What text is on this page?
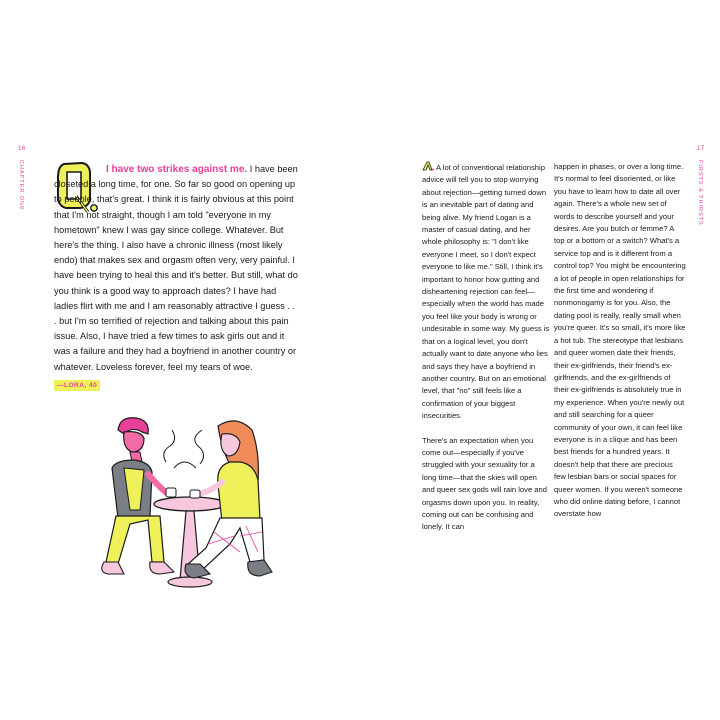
16
CHAPTER ONE	I have two strikes against me. I have been closeted a long time, for one. So far so good on opening up to people, that's great. I think it is fairly obvious at this point that I'm not straight, though I am told "everyone in my hometown" knew I was gay since college. Whatever. But here's the thing. I also have a chronic illness (most likely endo) that makes sex and orgasm often very, very painful. I have been trying to heal this and it's better. But still, what do you think is a good way to approach dates? I have had ladies flirt with me and I am reasonably attractive I guess . . . but I'm so terrified of rejection and talking about this pain issue. Also, I have tried a few times to ask girls out and it was a failure and they had a boyfriend in another country or whatever. Loveless forever, feel my tears of woe.
—LORA, 40
17
FIRSTS & THIRSTS

A lot of conventional relationship advice will tell you to stop worrying about rejection—getting turned down is an inevitable part of dating and being alive. My friend Logan is a master of casual dating, and her whole philosophy is: "I don't like everyone I meet, so I don't expect everyone to like me." Still, I think it's important to honor how gutting and disheartening rejection can feel—especially when the world has made you feel like your body is wrong or undesirable in some way. My guess is that on a logical level, you don't actually want to date anyone who lies and says they have a boyfriend in another country. But on an emotional level, that "no" still feels like a confirmation of your biggest insecurities.

There's an expectation when you come out—especially if you've struggled with your sexuality for a long time—that the skies will open and queer sex gods will rain love and orgasms down upon you. In reality, coming out can be confusing and lonely. It can

happen in phases, or over a long time. It's normal to feel disoriented, or like you have to learn how to date all over again. There's a whole new set of words to describe yourself and your desires. Are you butch or femme? A top or a bottom or a switch? What's a service top and is it different from a control top? You might be encountering a lot of people in open relationships for the first time and wondering if nonmonogamy is for you. Also, the dating pool is really, really small when you're queer. It's so small, it's more like a hot tub. The stereotype that lesbians and queer women date their friends, their ex-girlfriends, their friend's ex-girlfriends, and the ex-girlfriends of their ex-girlfriends is absolutely true in my experience. When you're newly out and still searching for a queer community of your own, it can feel like everyone is in a clique and has been best friends for a hundred years. It doesn't help that there are precious few lesbian bars or social spaces for queer women. If you weren't someone who did online dating before, I cannot overstate how
